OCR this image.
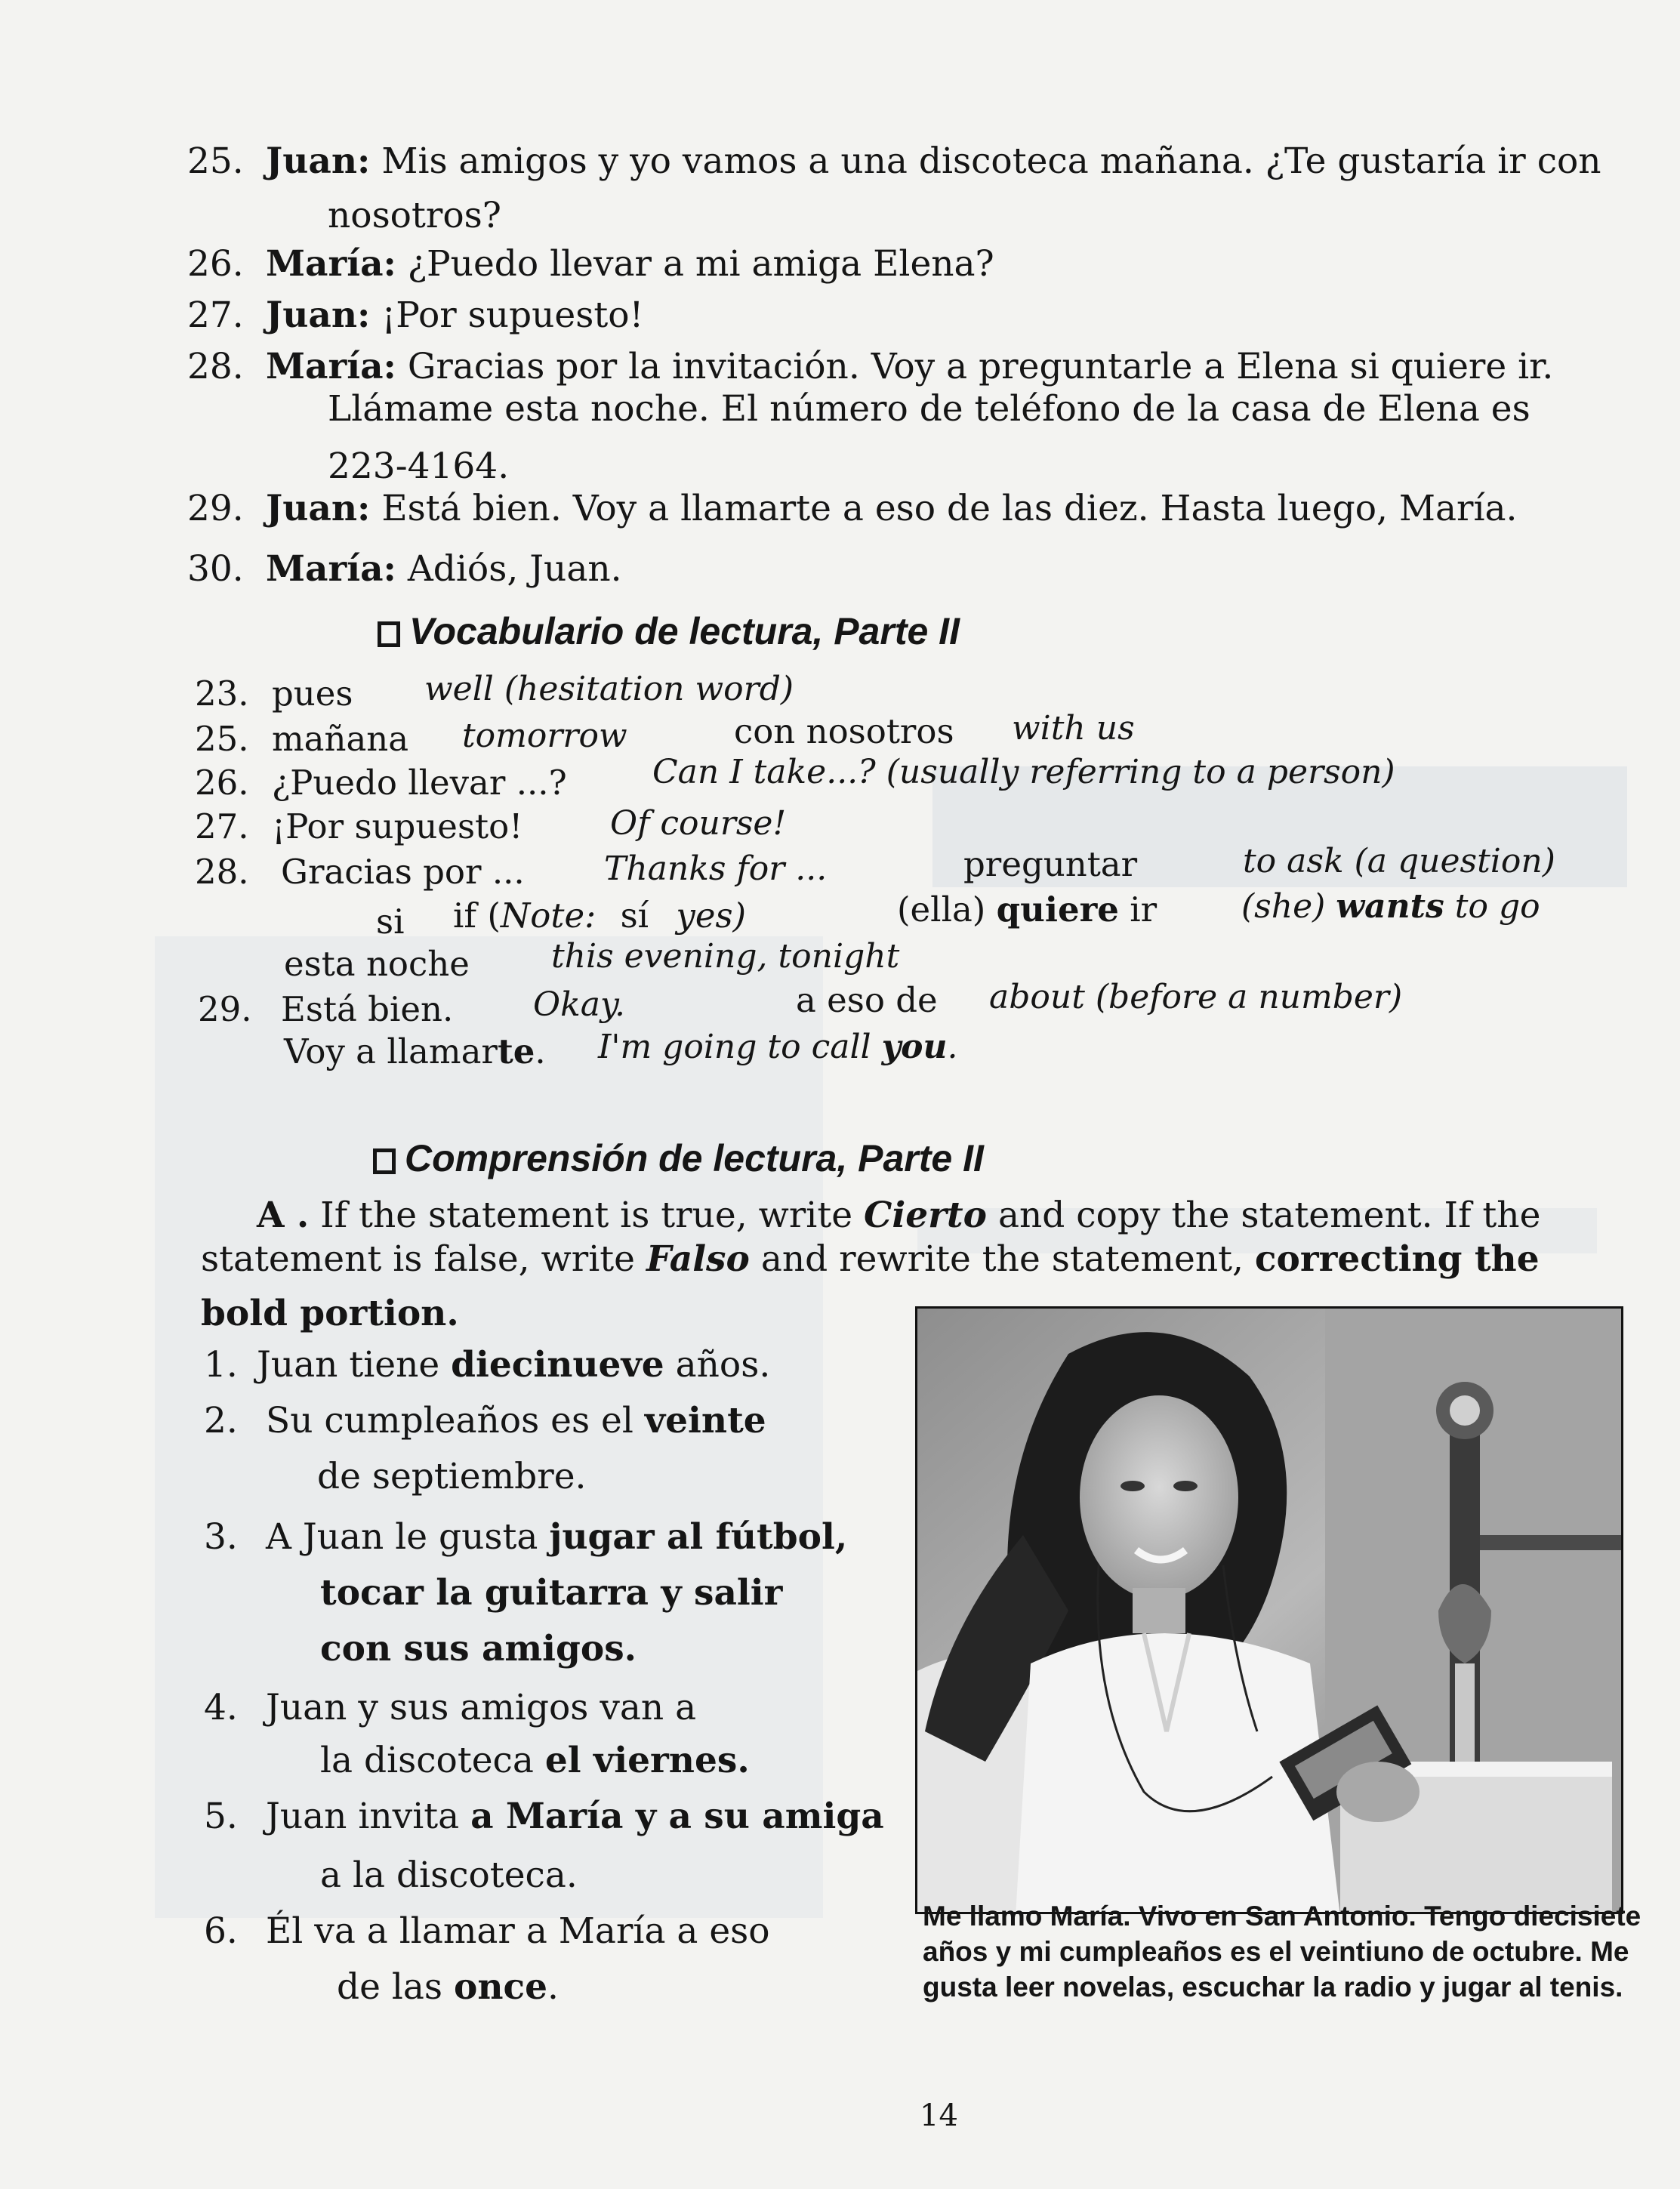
25. Juan: Mis amigos y yo vamos a una discoteca mañana. ¿Te gustaría ir con
nosotros?
26. María: ¿Puedo llevar a mi amiga Elena?
27. Juan: ¡Por supuesto!
28. María: Gracias por la invitación. Voy a preguntarle a Elena si quiere ir.
Llámame esta noche. El número de teléfono de la casa de Elena es
223-4164.
29. Juan: Está bien. Voy a llamarte a eso de las diez. Hasta luego, María.
30. María: Adiós, Juan.
Vocabulario de lectura, Parte II
23. pues well (hesitation word)
25. mañana tomorrow	con nosotros with us
26. ¿Puedo llevar ...?	Can I take...? (usually referring to a person)
27. ¡Por supuesto!	Of course!
28. Gracias por ... Thanks for ...	preguntar	to ask (a question)
si if (Note: sí yes)	(ella) quiere ir	(she) wants to go
esta noche this evening, tonight
29. Está bien. Okay.	a eso de about (before a number)
Voy a llamarte. I'm going to call you.
Comprensión de lectura, Parte II
A . If the statement is true, write Cierto and copy the statement. If the
statement is false, write Falso and rewrite the statement, correcting the
bold portion.
1. Juan tiene diecinueve años.
2. Su cumpleaños es el veinte
de septiembre.
3. A Juan le gusta jugar al fútbol,
tocar la guitarra y salir
con sus amigos.
4. Juan y sus amigos van a
la discoteca el viernes.
5. Juan invita a María y a su amiga
a la discoteca.
6. Él va a llamar a María a eso
de las once.
Me llamo María. Vivo en San Antonio. Tengo diecisiete años y mi cumpleaños es el veintiuno de octubre. Me gusta leer novelas, escuchar la radio y jugar al tenis.
14
